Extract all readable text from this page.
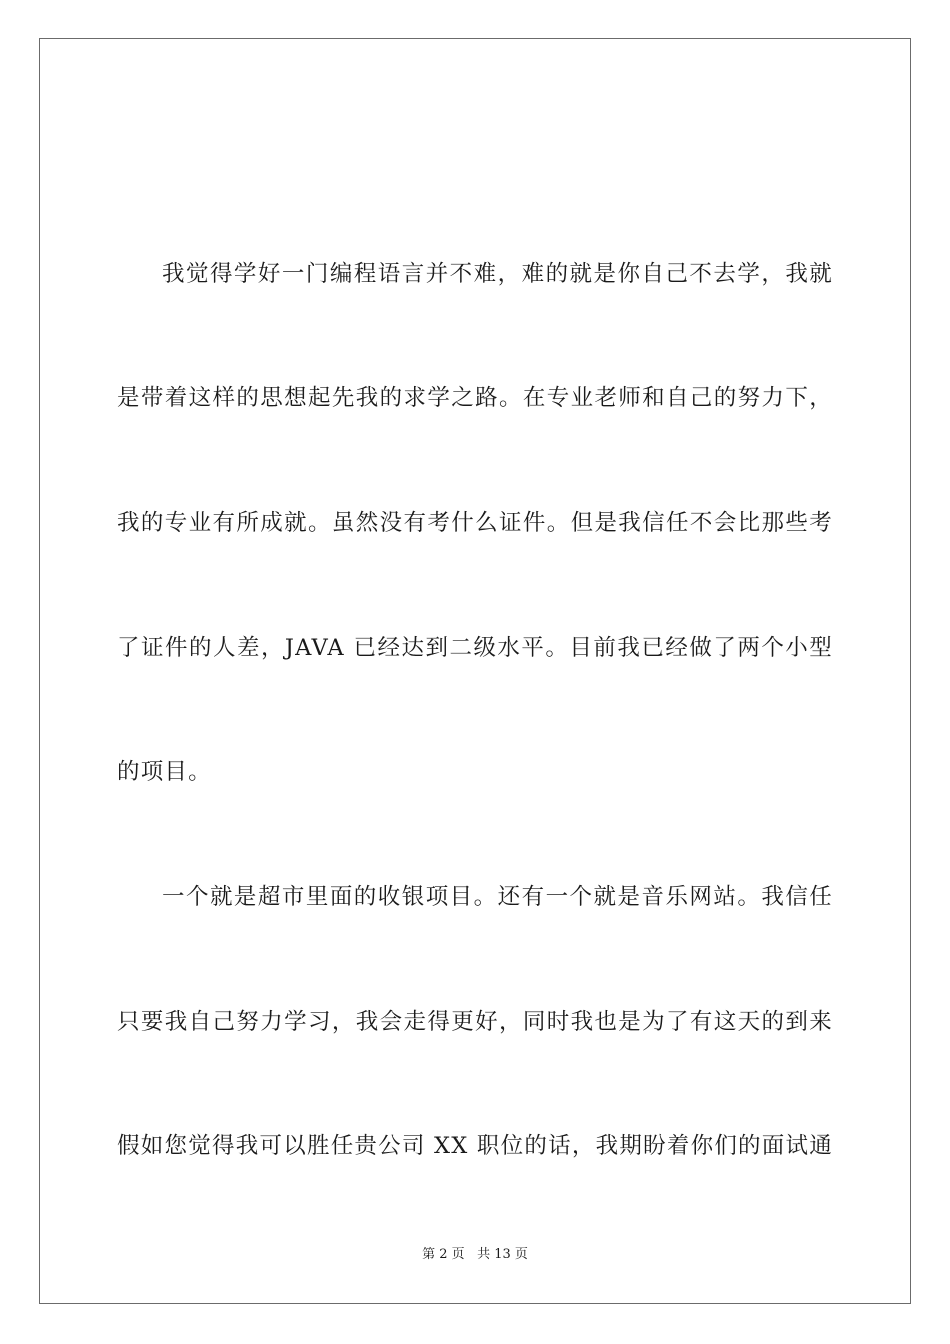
我觉得学好一门编程语言并不难，难的就是你自己不去学，我就
是带着这样的思想起先我的求学之路。在专业老师和自己的努力下，
我的专业有所成就。虽然没有考什么证件。但是我信任不会比那些考
了证件的人差，JAVA 已经达到二级水平。目前我已经做了两个小型
的项目。
一个就是超市里面的收银项目。还有一个就是音乐网站。我信任
只要我自己努力学习，我会走得更好，同时我也是为了有这天的到来
假如您觉得我可以胜任贵公司 XX 职位的话，我期盼着你们的面试通
第 2 页 共 13 页
